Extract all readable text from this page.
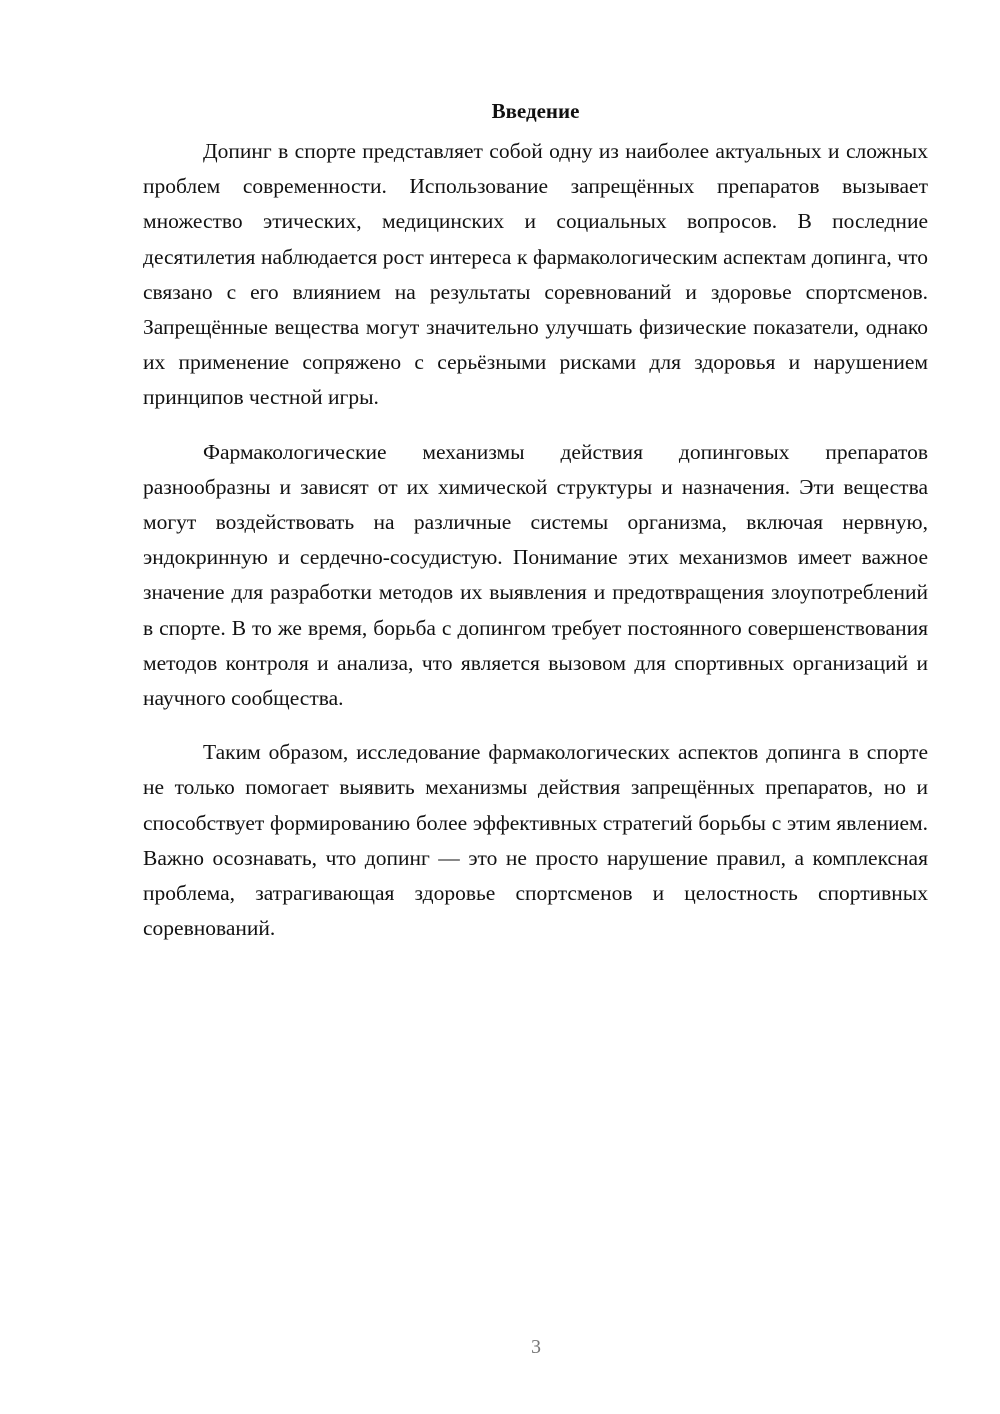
Введение

Допинг в спорте представляет собой одну из наиболее актуальных и сложных проблем современности. Использование запрещённых препаратов вызывает множество этических, медицинских и социальных вопросов. В последние десятилетия наблюдается рост интереса к фармакологическим аспектам допинга, что связано с его влиянием на результаты соревнований и здоровье спортсменов. Запрещённые вещества могут значительно улучшать физические показатели, однако их применение сопряжено с серьёзными рисками для здоровья и нарушением принципов честной игры.

Фармакологические механизмы действия допинговых препаратов разнообразны и зависят от их химической структуры и назначения. Эти вещества могут воздействовать на различные системы организма, включая нервную, эндокринную и сердечно-сосудистую. Понимание этих механизмов имеет важное значение для разработки методов их выявления и предотвращения злоупотреблений в спорте. В то же время, борьба с допингом требует постоянного совершенствования методов контроля и анализа, что является вызовом для спортивных организаций и научного сообщества.

Таким образом, исследование фармакологических аспектов допинга в спорте не только помогает выявить механизмы действия запрещённых препаратов, но и способствует формированию более эффективных стратегий борьбы с этим явлением. Важно осознавать, что допинг — это не просто нарушение правил, а комплексная проблема, затрагивающая здоровье спортсменов и целостность спортивных соревнований.

3
